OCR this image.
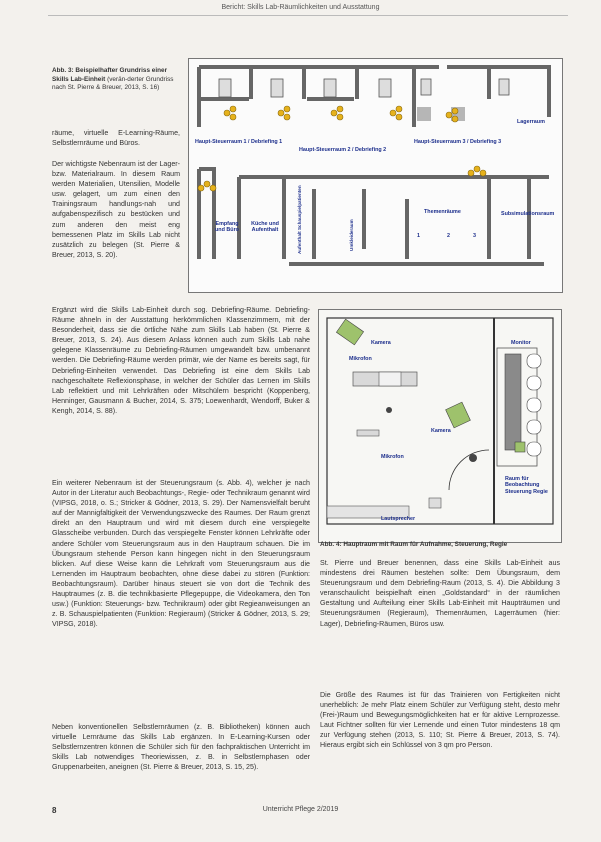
Bericht: Skills Lab-Räumlichkeiten und Ausstattung
Abb. 3: Beispielhafter Grundriss einer Skills Lab-Einheit (verän-derter Grundriss nach St. Pierre & Breuer, 2013, S. 16)
Lagerraum
Haupt-Steuerraum 1 / Debriefing 1
Haupt-Steuerraum 2 / Debriefing 2
Haupt-Steuerraum 3 / Debriefing 3
Empfang und Büro
Küche und Aufenthalt	Aufenthalt Schauspielpatienten	Umkleideraum
Themenräume
1	2	3
Subsimulationsraum
räume, virtuelle E-Learning-Räume, Selbstlernräume und Büros.
Der wichtigste Nebenraum ist der Lager- bzw. Materialraum. In diesem Raum werden Materialien, Utensilien, Modelle usw. gelagert, um zum einen den Trainingsraum handlungs-nah und aufgabenspezifisch zu bestücken und zum anderen den meist eng bemessenen Platz im Skills Lab nicht zusätzlich zu belegen (St. Pierre & Breuer, 2013, S. 20).
Ergänzt wird die Skills Lab-Einheit durch sog. Debriefing-Räume. Debriefing-Räume ähneln in der Ausstattung herkömmlichen Klassenzimmern, mit der Besonderheit, dass sie die örtliche Nähe zum Skills Lab haben (St. Pierre & Breuer, 2013, S. 24). Aus diesem Anlass können auch zum Skills Lab nahe gelegene Klassenräume zu Debriefing-Räumen umgewandelt bzw. umbenannt werden. Die Debriefing-Räume werden primär, wie der Name es bereits sagt, für Debriefing-Einheiten verwendet. Das Debriefing ist eine dem Skills Lab nachgeschaltete Reflexionsphase, in welcher der Schüler das Lernen im Skills Lab reflektiert und mit Lehrkräften oder Mitschülern bespricht (Koppenberg, Henninger, Gausmann & Bucher, 2014, S. 375; Loewenhardt, Wendorff, Buker & Kengh, 2014, S. 88).
Ein weiterer Nebenraum ist der Steuerungsraum (s. Abb. 4), welcher je nach Autor in der Literatur auch Beobachtungs-, Regie- oder Technikraum genannt wird (VIPSG, 2018, o. S.; Stricker & Gödner, 2013, S. 29). Der Namensvielfalt beruht auf der Mannigfaltigkeit der Verwendungszwecke des Raumes. Der Raum grenzt direkt an den Hauptraum und wird mit diesem durch eine verspiegelte Glasscheibe verbunden. Durch das verspiegelte Fenster können Lehrkräfte oder andere Schüler vom Steuerungsraum aus in den Hauptraum schauen. Die im Übungsraum stehende Person kann hingegen nicht in den Steuerungsraum blicken. Auf diese Weise kann die Lehrkraft vom Steuerungsraum aus die Lernenden im Hauptraum beobachten, ohne diese dabei zu stören (Funktion: Beobachtungsraum). Darüber hinaus steuert sie von dort die Technik des Hauptraumes (z. B. die technikbasierte Pflegepuppe, die Videokamera, den Ton usw.) (Funktion: Steuerungs- bzw. Technikraum) oder gibt Regieanweisungen an z. B. Schauspielpatienten (Funktion: Regieraum) (Stricker & Gödner, 2013, S. 29; VIPSG, 2018).
Neben konventionellen Selbstlernräumen (z. B. Bibliotheken) können auch virtuelle Lernräume das Skills Lab ergänzen. In E-Learning-Kursen oder Selbstlernzentren können die Schüler sich für den fachpraktischen Unterricht im Skills Lab notwendiges Theoriewissen, z. B. in Selbstlernphasen oder Gruppenarbeiten, aneignen (St. Pierre & Breuer, 2013, S. 15, 25).
Kamera
Mikrofon
Monitor
Kamera
Mikrofon
Raum für Beobachtung Steuerung Regie
Lautsprecher
Abb. 4: Hauptraum mit Raum für Aufnahme, Steuerung, Regie
St. Pierre und Breuer benennen, dass eine Skills Lab-Einheit aus mindestens drei Räumen bestehen sollte: Dem Übungsraum, dem Steuerungsraum und dem Debriefing-Raum (2013, S. 4). Die Abbildung 3 veranschaulicht beispielhaft einen „Goldstandard“ in der räumlichen Gestaltung und Aufteilung einer Skills Lab-Einheit mit Haupträumen und Steuerungsräumen (Regieraum), Themenräumen, Lagerräumen (hier: Lager), Debriefing-Räumen, Büros usw.
Die Größe des Raumes ist für das Trainieren von Fertigkeiten nicht unerheblich: Je mehr Platz einem Schüler zur Verfügung steht, desto mehr (Frei-)Raum und Bewegungsmöglichkeiten hat er für aktive Lernprozesse. Laut Fichtner sollten für vier Lernende und einen Tutor mindestens 18 qm zur Verfügung stehen (2013, S. 110; St. Pierre & Breuer, 2013, S. 74). Hieraus ergibt sich ein Schlüssel von 3 qm pro Person.
Unterricht Pflege 2/2019
8
